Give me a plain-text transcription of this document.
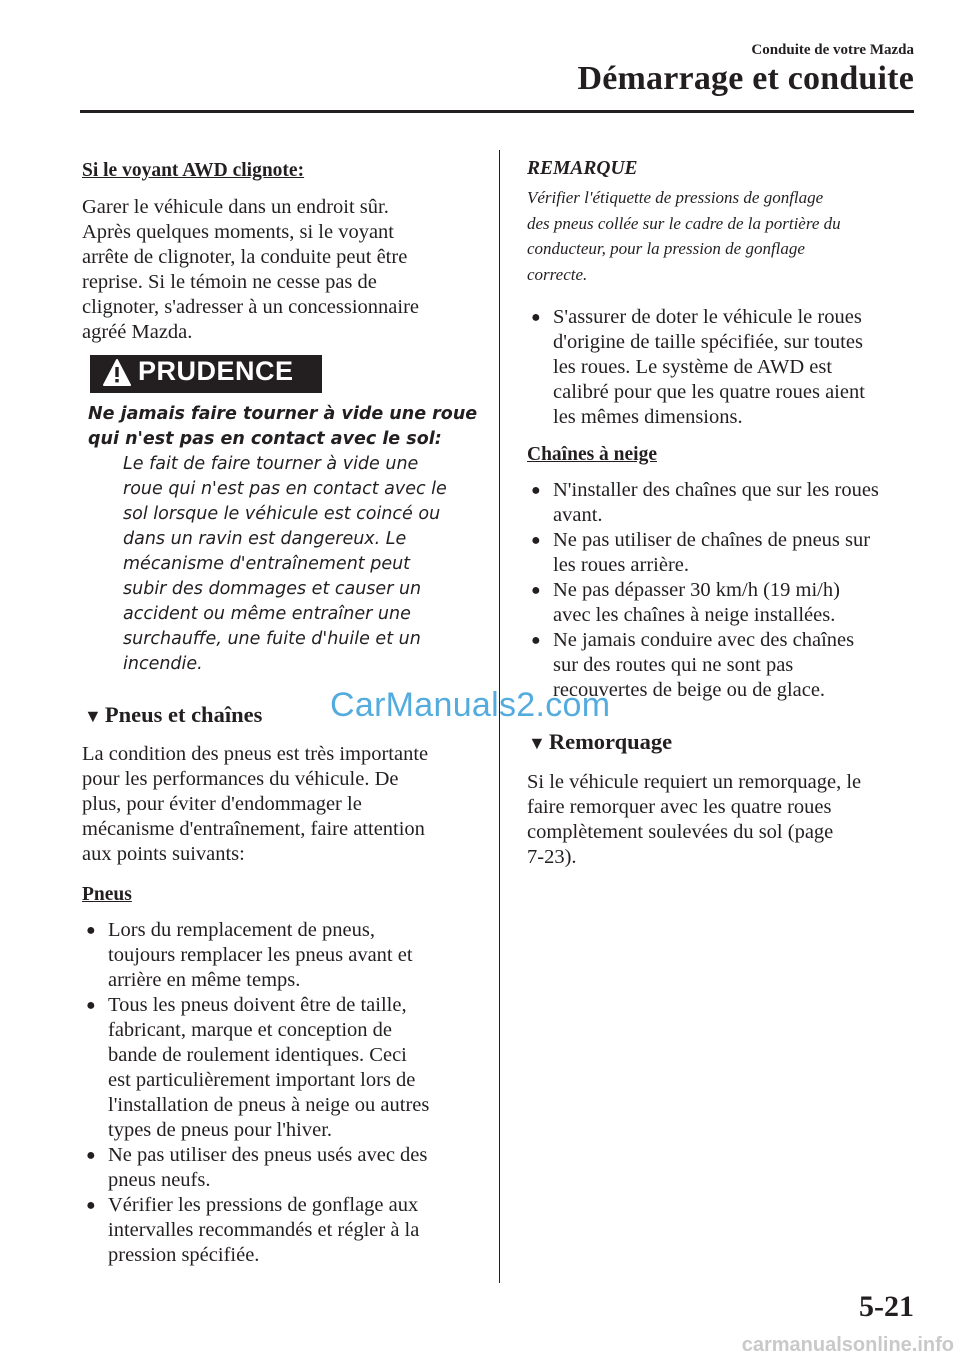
Conduite de votre Mazda
Démarrage et conduite
Si le voyant AWD clignote:
Garer le véhicule dans un endroit sûr.
Après quelques moments, si le voyant
arrête de clignoter, la conduite peut être
reprise. Si le témoin ne cesse pas de
clignoter, s'adresser à un concessionnaire
agréé Mazda.
PRUDENCE
Ne jamais faire tourner à vide une roue
qui n'est pas en contact avec le sol:
Le fait de faire tourner à vide une
roue qui n'est pas en contact avec le
sol lorsque le véhicule est coincé ou
dans un ravin est dangereux. Le
mécanisme d'entraînement peut
subir des dommages et causer un
accident ou même entraîner une
surchauffe, une fuite d'huile et un
incendie.
▼ Pneus et chaînes
La condition des pneus est très importante
pour les performances du véhicule. De
plus, pour éviter d'endommager le
mécanisme d'entraînement, faire attention
aux points suivants:
Pneus
● Lors du remplacement de pneus,
toujours remplacer les pneus avant et
arrière en même temps.
● Tous les pneus doivent être de taille,
fabricant, marque et conception de
bande de roulement identiques. Ceci
est particulièrement important lors de
l'installation de pneus à neige ou autres
types de pneus pour l'hiver.
● Ne pas utiliser des pneus usés avec des
pneus neufs.
● Vérifier les pressions de gonflage aux
intervalles recommandés et régler à la
pression spécifiée.
REMARQUE
Vérifier l'étiquette de pressions de gonflage
des pneus collée sur le cadre de la portière du
conducteur, pour la pression de gonflage
correcte.
● S'assurer de doter le véhicule le roues
d'origine de taille spécifiée, sur toutes
les roues. Le système de AWD est
calibré pour que les quatre roues aient
les mêmes dimensions.
Chaînes à neige
● N'installer des chaînes que sur les roues
avant.
● Ne pas utiliser de chaînes de pneus sur
les roues arrière.
● Ne pas dépasser 30 km/h (19 mi/h)
avec les chaînes à neige installées.
● Ne jamais conduire avec des chaînes
sur des routes qui ne sont pas
recouvertes de beige ou de glace.
▼ Remorquage
Si le véhicule requiert un remorquage, le
faire remorquer avec les quatre roues
complètement soulevées du sol (page
7-23).
CarManuals2.com
5-21
carmanualsonline.info
